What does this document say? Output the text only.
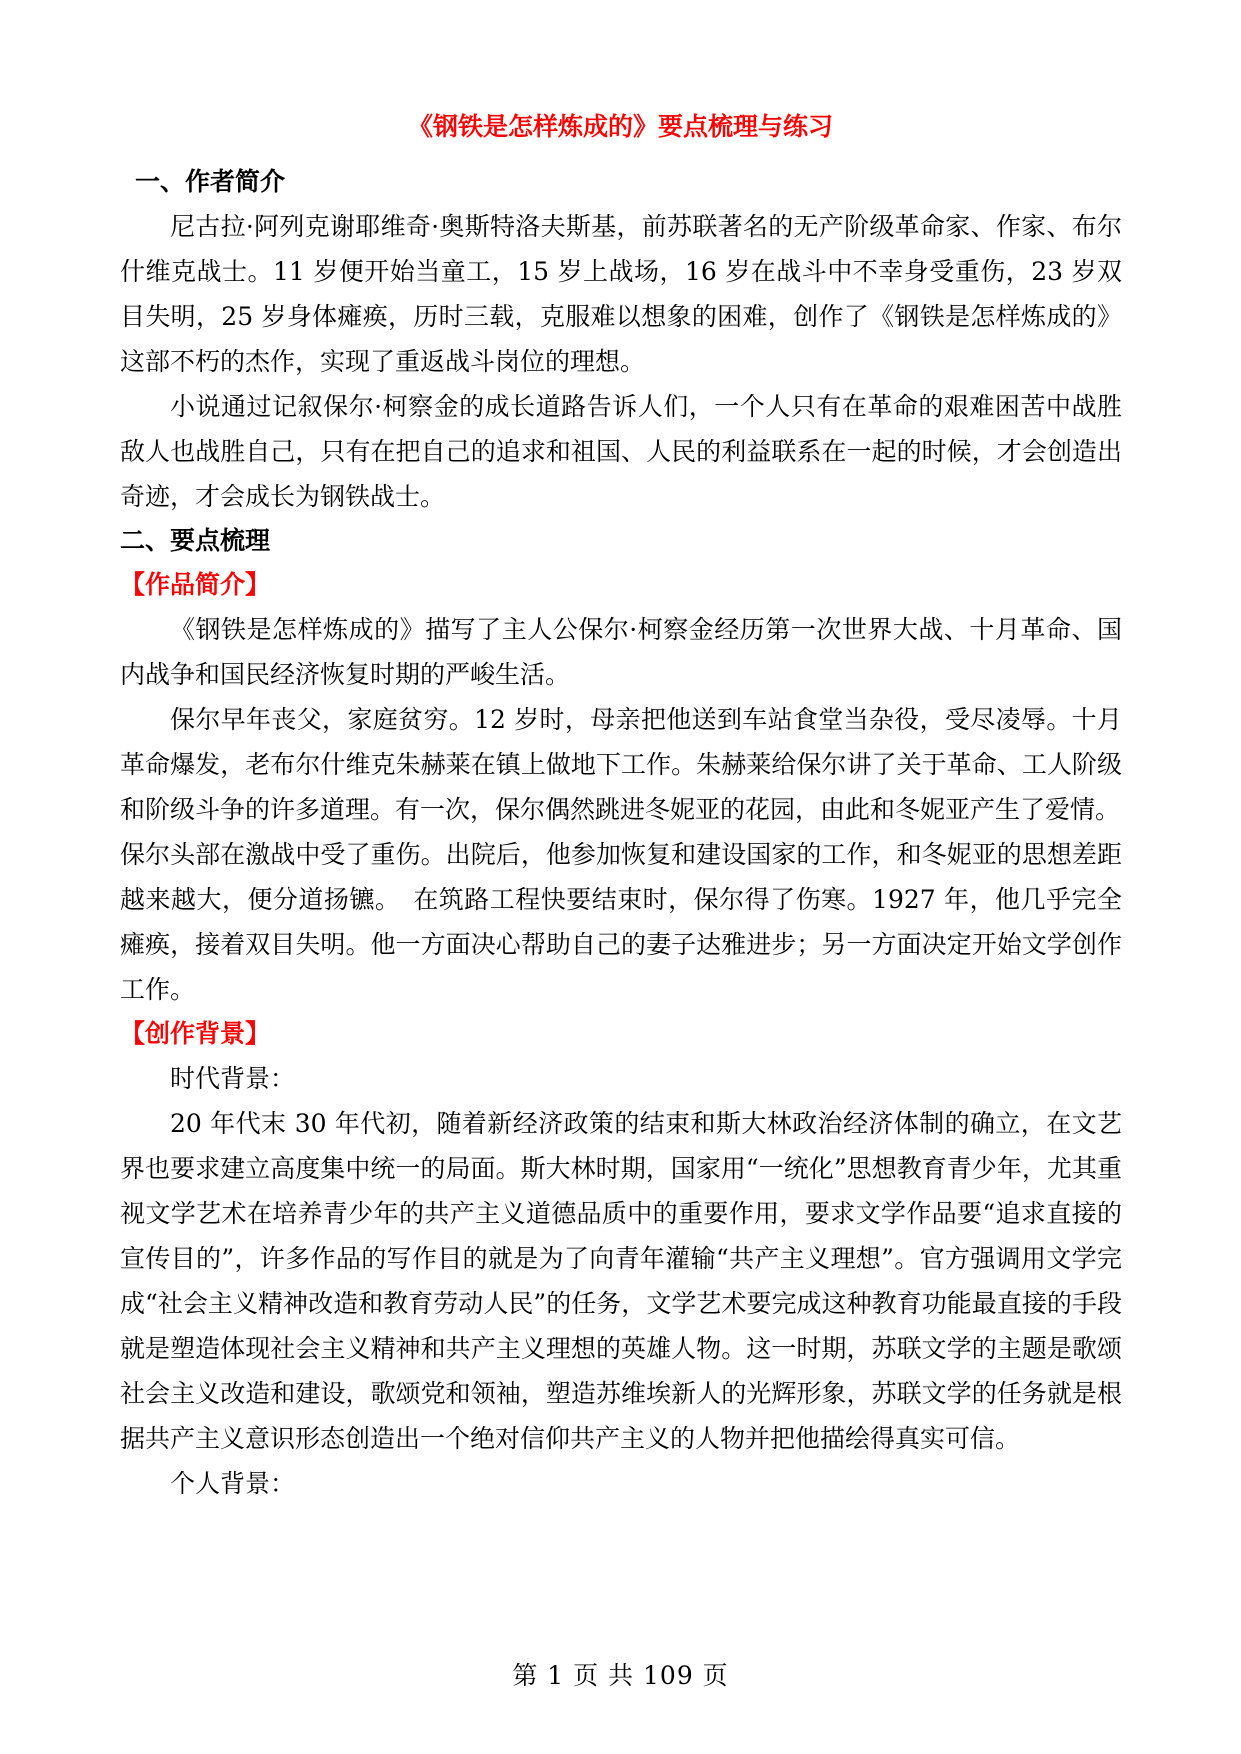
《钢铁是怎样炼成的》要点梳理与练习
一、作者简介

尼古拉·阿列克谢耶维奇·奥斯特洛夫斯基，前苏联著名的无产阶级革命家、作家、布尔什维克战士。11 岁便开始当童工，15 岁上战场，16 岁在战斗中不幸身受重伤，23 岁双目失明，25 岁身体瘫痪，历时三载，克服难以想象的困难，创作了《钢铁是怎样炼成的》这部不朽的杰作，实现了重返战斗岗位的理想。

小说通过记叙保尔·柯察金的成长道路告诉人们，一个人只有在革命的艰难困苦中战胜敌人也战胜自己，只有在把自己的追求和祖国、人民的利益联系在一起的时候，才会创造出奇迹，才会成长为钢铁战士。

二、要点梳理
【作品简介】

《钢铁是怎样炼成的》描写了主人公保尔·柯察金经历第一次世界大战、十月革命、国内战争和国民经济恢复时期的严峻生活。

保尔早年丧父，家庭贫穷。12 岁时，母亲把他送到车站食堂当杂役，受尽凌辱。十月革命爆发，老布尔什维克朱赫莱在镇上做地下工作。朱赫莱给保尔讲了关于革命、工人阶级和阶级斗争的许多道理。有一次，保尔偶然跳进冬妮亚的花园，由此和冬妮亚产生了爱情。

保尔头部在激战中受了重伤。出院后，他参加恢复和建设国家的工作，和冬妮亚的思想差距越来越大，便分道扬镳。　在筑路工程快要结束时，保尔得了伤寒。1927 年，他几乎完全瘫痪，接着双目失明。他一方面决心帮助自己的妻子达雅进步；另一方面决定开始文学创作工作。

【创作背景】

时代背景：

20 年代末 30 年代初，随着新经济政策的结束和斯大林政治经济体制的确立，在文艺界也要求建立高度集中统一的局面。斯大林时期，国家用“一统化”思想教育青少年，尤其重视文学艺术在培养青少年的共产主义道德品质中的重要作用，要求文学作品要“追求直接的宣传目的”，许多作品的写作目的就是为了向青年灌输“共产主义理想”。官方强调用文学完成“社会主义精神改造和教育劳动人民”的任务，文学艺术要完成这种教育功能最直接的手段就是塑造体现社会主义精神和共产主义理想的英雄人物。这一时期，苏联文学的主题是歌颂社会主义改造和建设，歌颂党和领袖，塑造苏维埃新人的光辉形象，苏联文学的任务就是根据共产主义意识形态创造出一个绝对信仰共产主义的人物并把他描绘得真实可信。

个人背景：

第 1 页 共 109 页
